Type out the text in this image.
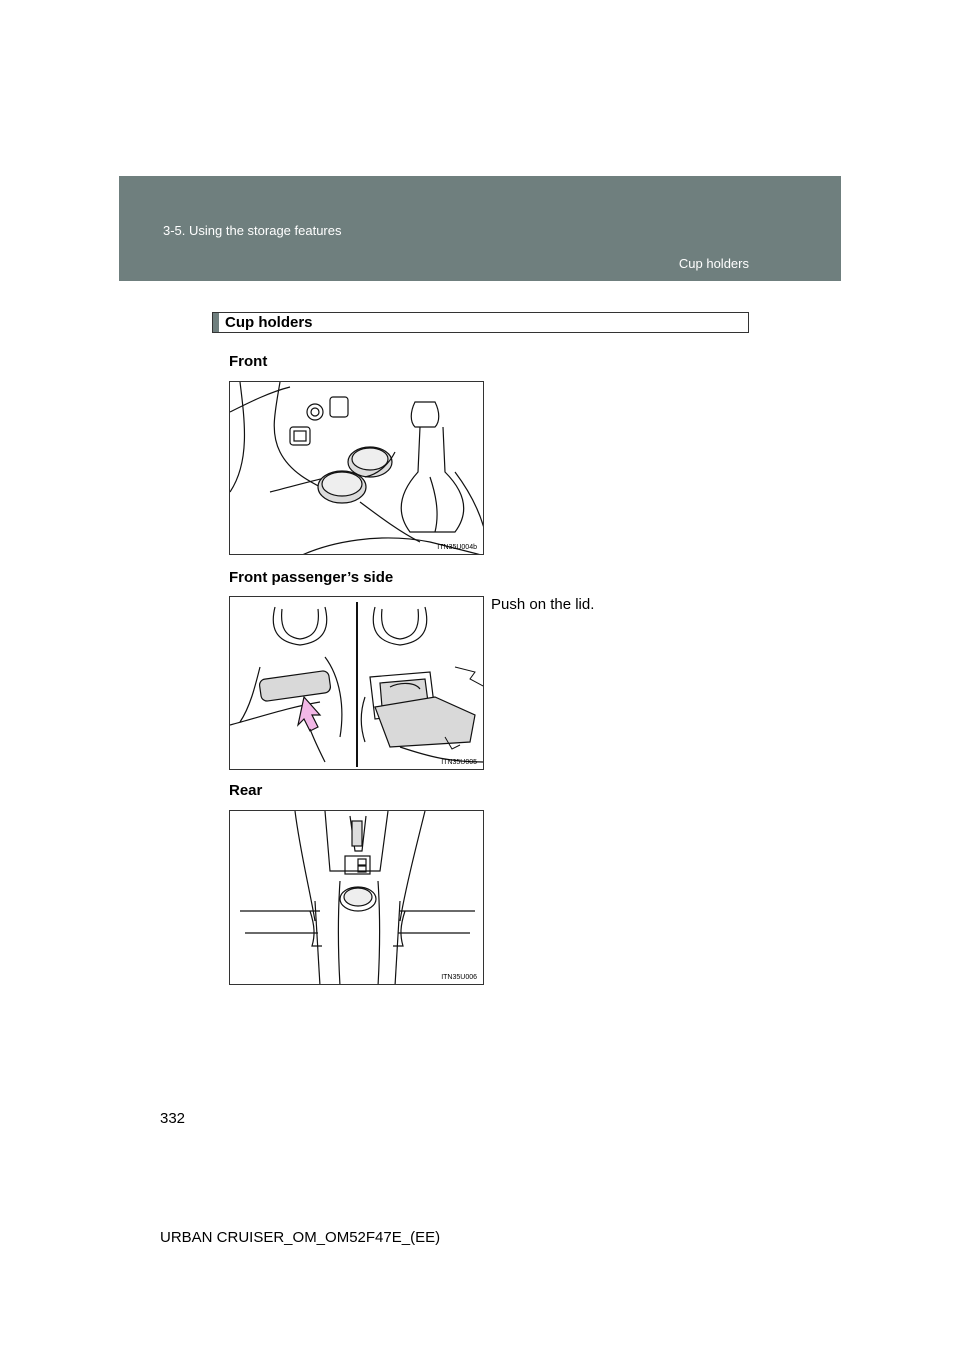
3-5. Using the storage features
Cup holders
Cup holders
Front
ITN35U004b
Front passenger’s side
ITN35U005
Push on the lid.
Rear
ITN35U006
332
URBAN CRUISER_OM_OM52F47E_(EE)
